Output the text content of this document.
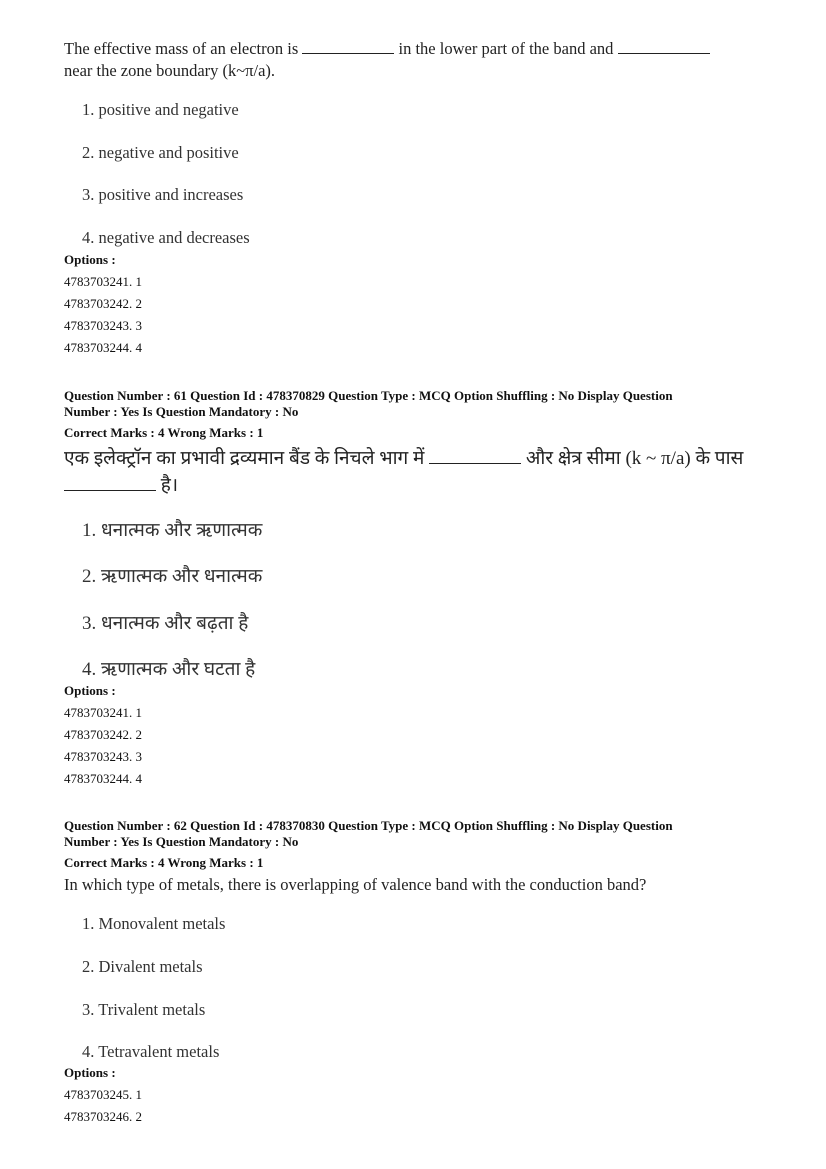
The effective mass of an electron is	in the lower part of the band and
near the zone boundary (k~π/a).
1. positive and negative
2. negative and positive
3. positive and increases
4. negative and decreases
Options :
4783703241. 1
4783703242. 2
4783703243. 3
4783703244. 4
Question Number : 61 Question Id : 478370829 Question Type : MCQ Option Shuffling : No Display Question
Number : Yes Is Question Mandatory : No
Correct Marks : 4 Wrong Marks : 1
एक इलेक्ट्रॉन का प्रभावी द्रव्यमान बैंड के निचले भाग में	और क्षेत्र सीमा (k ~ π/a) के पास
है।
1. धनात्मक और ऋणात्मक
2. ऋणात्मक और धनात्मक
3. धनात्मक और बढ़ता है
4. ऋणात्मक और घटता है
Options :
4783703241. 1
4783703242. 2
4783703243. 3
4783703244. 4
Question Number : 62 Question Id : 478370830 Question Type : MCQ Option Shuffling : No Display Question
Number : Yes Is Question Mandatory : No
Correct Marks : 4 Wrong Marks : 1
In which type of metals, there is overlapping of valence band with the conduction band?
1. Monovalent metals
2. Divalent metals
3. Trivalent metals
4. Tetravalent metals
Options :
4783703245. 1
4783703246. 2
